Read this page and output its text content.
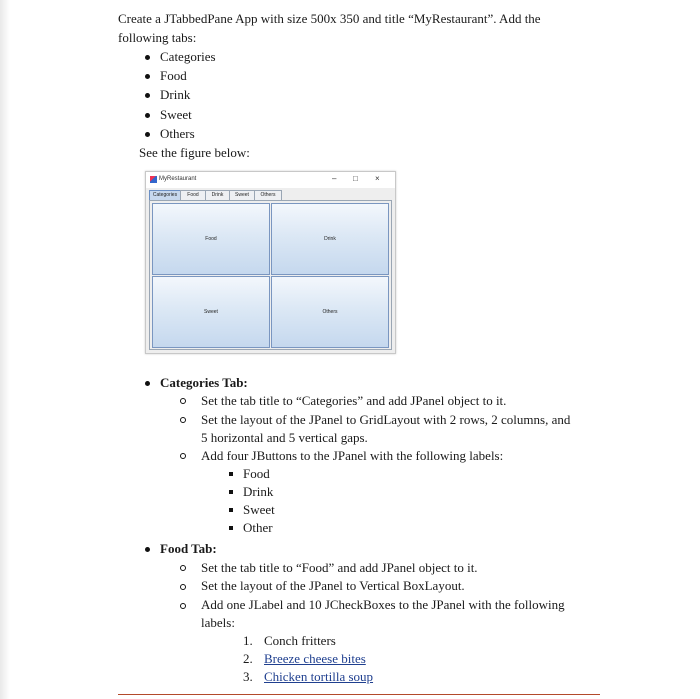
Create a JTabbedPane App with size 500x 350 and title “MyRestaurant”. Add the
following tabs:
Categories
Food
Drink
Sweet
Others
See the figure below:
MyRestaurant	– □ ×
Categories	Food	Drink	Sweet	Others
Food	Drink
Sweet	Others
Categories Tab:
Set the tab title to “Categories” and add JPanel object to it.
Set the layout of the JPanel to GridLayout with 2 rows, 2 columns, and
5 horizontal and 5 vertical gaps.
Add four JButtons to the JPanel with the following labels:
Food
Drink
Sweet
Other
Food Tab:
Set the tab title to “Food” and add JPanel object to it.
Set the layout of the JPanel to Vertical BoxLayout.
Add one JLabel and 10 JCheckBoxes to the JPanel with the following
labels:
1. Conch fritters
2. Breeze cheese bites
3. Chicken tortilla soup
